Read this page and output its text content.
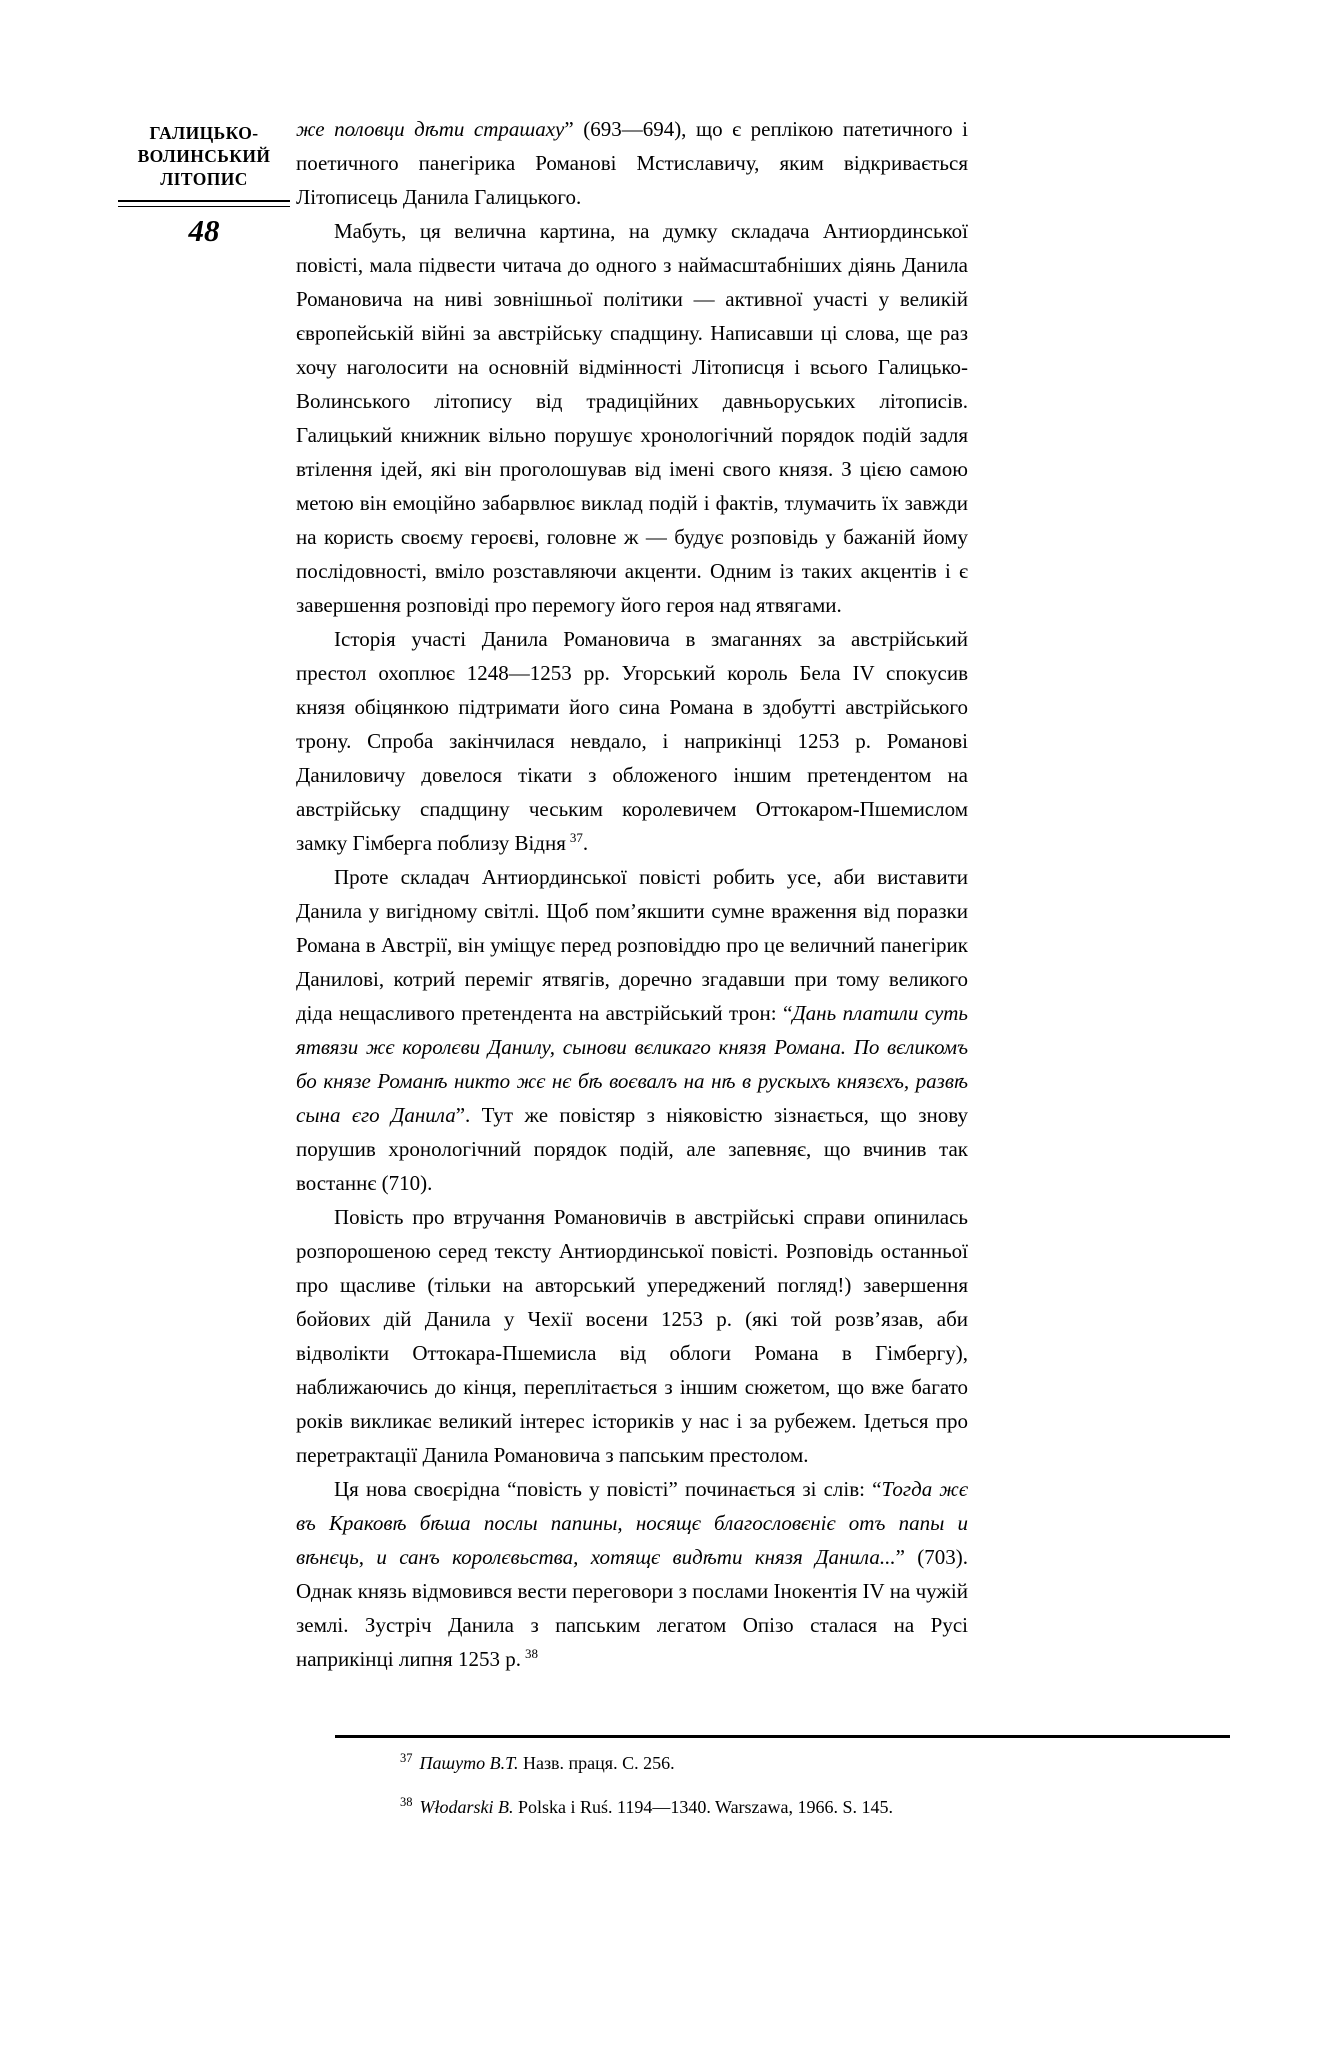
ГАЛИЦЬКО-
ВОЛИНСЬКИЙ
ЛІТОПИС
48

же половци дѣти страшаху” (693—694), що є реплікою патетичного і поетичного панегірика Романові Мстиславичу, яким відкривається Літописець Данила Галицького.

Мабуть, ця велична картина, на думку складача Антиординської повісті, мала підвести читача до одного з наймасштабніших діянь Данила Романовича на ниві зовнішньої політики — активної участі у великій європейській війні за австрійську спадщину. Написавши ці слова, ще раз хочу наголосити на основній відмінності Літописця і всього Галицько-Волинського літопису від традиційних давньоруських літописів. Галицький книжник вільно порушує хронологічний порядок подій задля втілення ідей, які він проголошував від імені свого князя. З цією самою метою він емоційно забарвлює виклад подій і фактів, тлумачить їх завжди на користь своєму героєві, головне ж — будує розповідь у бажаній йому послідовності, вміло розставляючи акценти. Одним із таких акцентів і є завершення розповіді про перемогу його героя над ятвягами.

Історія участі Данила Романовича в змаганнях за австрійський престол охоплює 1248—1253 рр. Угорський король Бела IV спокусив князя обіцянкою підтримати його сина Романа в здобутті австрійського трону. Спроба закінчилася невдало, і наприкінці 1253 р. Романові Даниловичу довелося тікати з обложеного іншим претендентом на австрійську спадщину чеським королевичем Оттокаром-Пшемислом замку Гімберга поблизу Відня $^{37}$.

Проте складач Антиординської повісті робить усе, аби виставити Данила у вигідному світлі. Щоб пом’якшити сумне враження від поразки Романа в Австрії, він уміщує перед розповіддю про це величний панегірик Данилові, котрий переміг ятвягів, доречно згадавши при тому великого діда нещасливого претендента на австрійський трон: “Дань платили суть ятвязи жє королєви Данилу, сынови вєликаго князя Романа. По вєликомъ бо князе Романѣ никто жє нє бѣ воєвалъ на нѣ в рускыхъ князєхъ, развѣ сына єго Данила”. Тут же повістяр з ніяковістю зізнається, що знову порушив хронологічний порядок подій, але запевняє, що вчинив так востаннє (710).

Повість про втручання Романовичів в австрійські справи опинилась розпорошеною серед тексту Антиординської повісті. Розповідь останньої про щасливе (тільки на авторський упереджений погляд!) завершення бойових дій Данила у Чехії восени 1253 р. (які той розв’язав, аби відволікти Оттокара-Пшемисла від облоги Романа в Гімбергу), наближаючись до кінця, переплітається з іншим сюжетом, що вже багато років викликає великий інтерес істориків у нас і за рубежем. Ідеться про перетрактації Данила Романовича з папським престолом.

Ця нова своєрідна “повість у повісті” починається зі слів: “Тогда жє въ Краковѣ бѣша послы папины, носящє благословєніє отъ папы и вѣнєць, и санъ королєвьства, хотящє видѣти князя Данила...” (703). Однак князь відмовився вести переговори з послами Інокентія IV на чужій землі. Зустріч Данила з папським легатом Опізо сталася на Русі наприкінці липня 1253 р. $^{38}$

$^{37}$ Пашуто В.Т. Назв. праця. С. 256.

$^{38}$ Włodarski B. Polska i Ruś. 1194—1340. Warszawa, 1966. S. 145.
